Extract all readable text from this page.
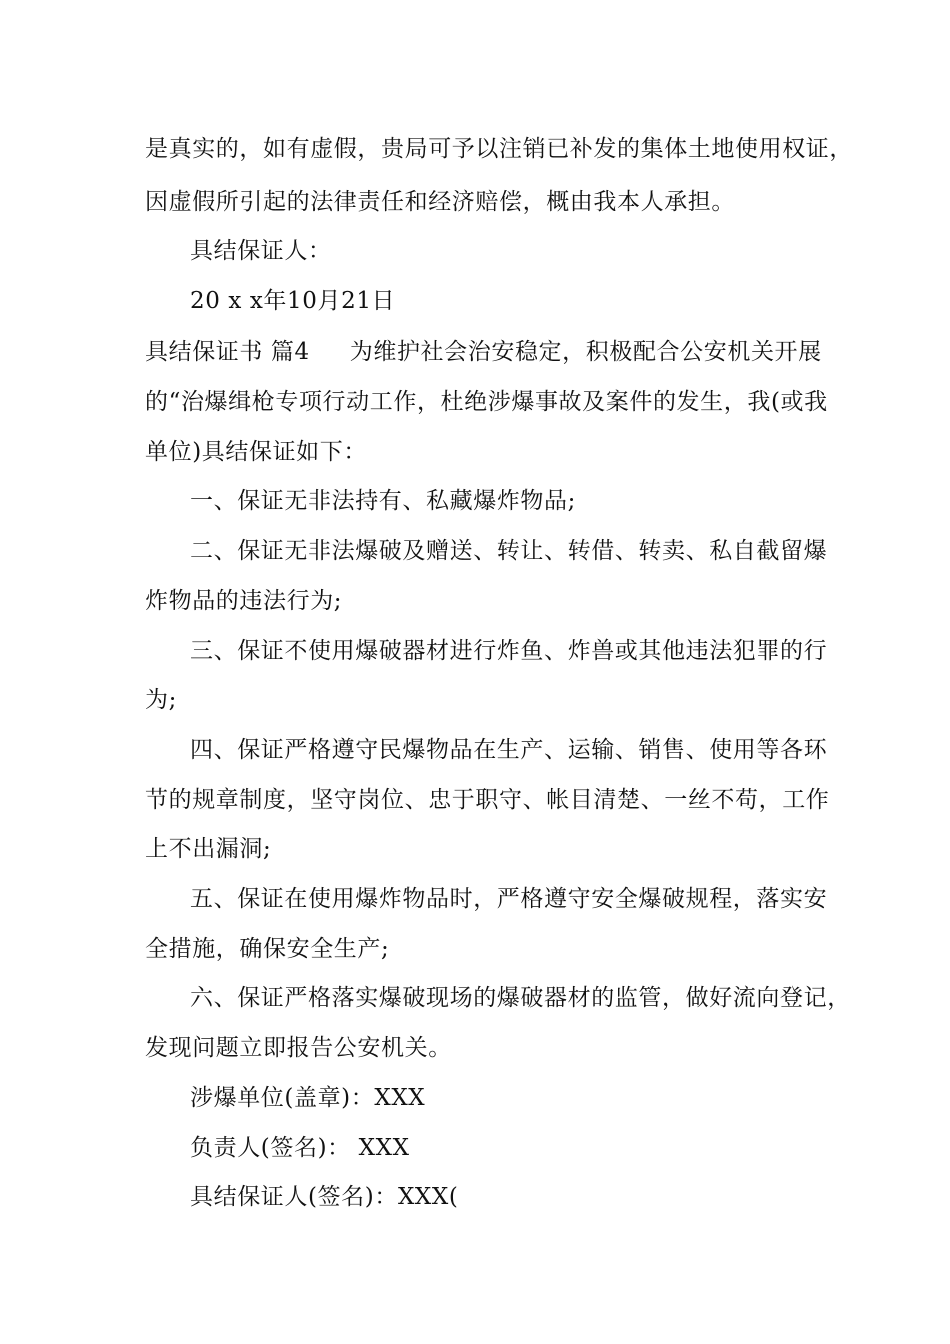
是真实的，如有虚假，贵局可予以注销已补发的集体土地使用权证，
因虚假所引起的法律责任和经济赔偿，概由我本人承担。
具结保证人：
20 x x年10月21日
具结保证书 篇4 为维护社会治安稳定，积极配合公安机关开展
的“治爆缉枪专项行动工作，杜绝涉爆事故及案件的发生，我(或我
单位)具结保证如下：
一、保证无非法持有、私藏爆炸物品;
二、保证无非法爆破及赠送、转让、转借、转卖、私自截留爆
炸物品的违法行为;
三、保证不使用爆破器材进行炸鱼、炸兽或其他违法犯罪的行
为;
四、保证严格遵守民爆物品在生产、运输、销售、使用等各环
节的规章制度，坚守岗位、忠于职守、帐目清楚、一丝不苟，工作
上不出漏洞;
五、保证在使用爆炸物品时，严格遵守安全爆破规程，落实安
全措施，确保安全生产;
六、保证严格落实爆破现场的爆破器材的监管，做好流向登记，
发现问题立即报告公安机关。
涉爆单位(盖章)：XXX
负责人(签名)： XXX
具结保证人(签名)：XXX(
